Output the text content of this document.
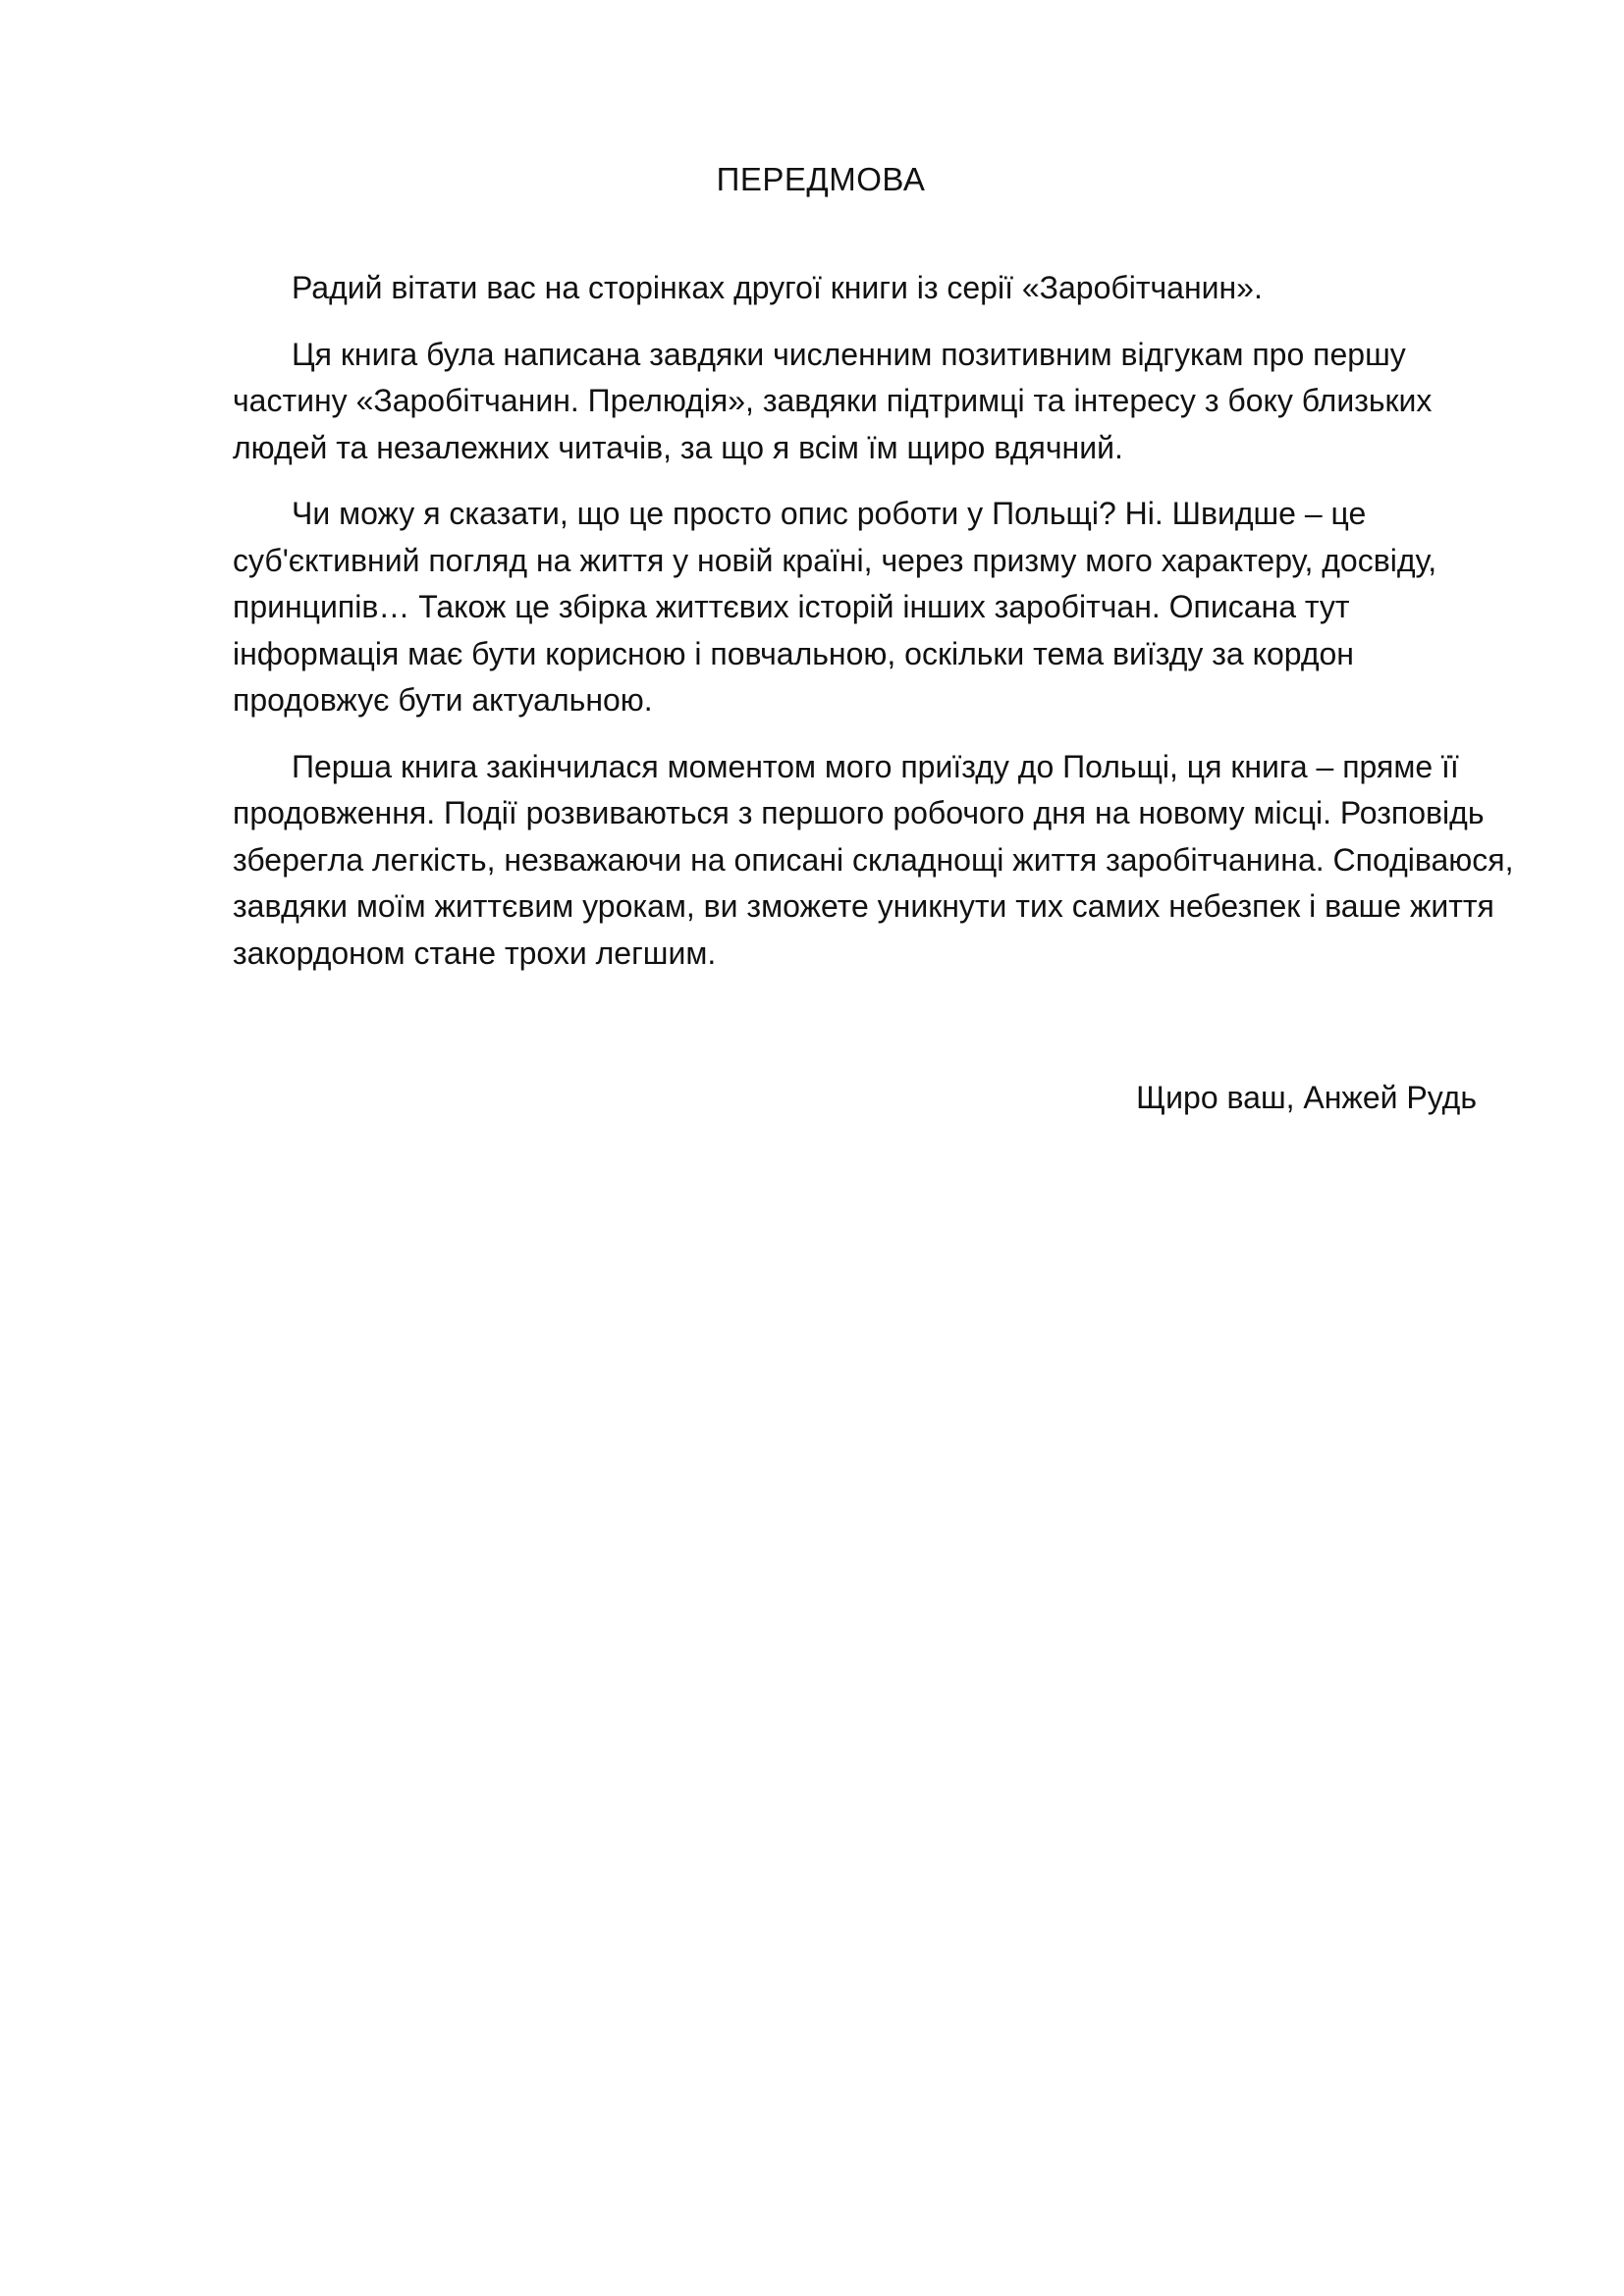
ПЕРЕДМОВА

Радий вітати вас на сторінках другої книги із серії «Заробітчанин».

Ця книга була написана завдяки численним позитивним відгукам про першу частину «Заробітчанин. Прелюдія», завдяки підтримці та інтересу з боку близьких людей та незалежних читачів, за що я всім їм щиро вдячний.

Чи можу я сказати, що це просто опис роботи у Польщі? Ні. Швидше – це суб'єктивний погляд на життя у новій країні, через призму мого характеру, досвіду, принципів… Також це збірка життєвих історій інших заробітчан. Описана тут інформація має бути корисною і повчальною, оскільки тема виїзду за кордон продовжує бути актуальною.

Перша книга закінчилася моментом мого приїзду до Польщі, ця книга – пряме її продовження. Події розвиваються з першого робочого дня на новому місці. Розповідь зберегла легкість, незважаючи на описані складнощі життя заробітчанина. Сподіваюся, завдяки моїм життєвим урокам, ви зможете уникнути тих самих небезпек і ваше життя закордоном стане трохи легшим.

Щиро ваш, Анжей Рудь
